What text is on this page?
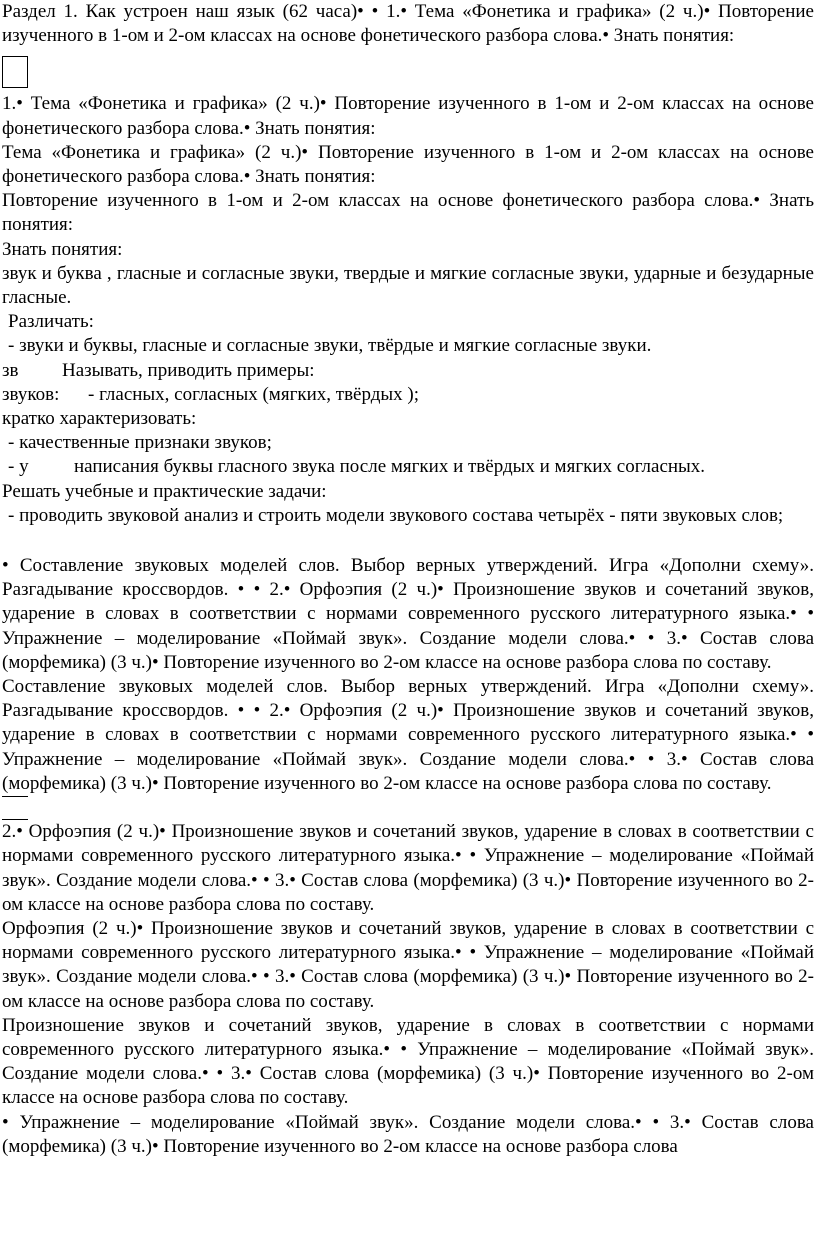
Раздел 1. Как устроен наш язык (62 часа)• • 1.• Тема «Фонетика и графика» (2 ч.)• Повторение изученного в 1-ом и 2-ом классах на основе фонетического разбора слова.• Знать понятия:

1.• Тема «Фонетика и графика» (2 ч.)• Повторение изученного в 1-ом и 2-ом классах на основе фонетического разбора слова.• Знать понятия:

Тема «Фонетика и графика» (2 ч.)• Повторение изученного в 1-ом и 2-ом классах на основе фонетического разбора слова.• Знать понятия:

Повторение изученного в 1-ом и 2-ом классах на основе фонетического разбора слова.• Знать понятия:

Знать понятия:

звук и буква , гласные и согласные звуки, твердые и мягкие согласные звуки, ударные и безударные гласные.

Различать:

- звуки и буквы, гласные и согласные звуки, твёрдые и мягкие согласные звуки.

зв Называть, приводить примеры:

звуков: - гласных, согласных (мягких, твёрдых );

кратко характеризовать:

- качественные признаки звуков;

- у написания буквы гласного звука после мягких и твёрдых и мягких согласных.

Решать учебные и практические задачи:

- проводить звуковой анализ и строить модели звукового состава четырёх - пяти звуковых слов;

• Составление звуковых моделей слов. Выбор верных утверждений. Игра «Дополни схему». Разгадывание кроссвордов. • • 2.• Орфоэпия (2 ч.)• Произношение звуков и сочетаний звуков, ударение в словах в соответствии с нормами современного русского литературного языка.• • Упражнение – моделирование «Поймай звук». Создание модели слова.• • 3.• Состав слова (морфемика) (3 ч.)• Повторение изученного во 2-ом классе на основе разбора слова по составу.

Составление звуковых моделей слов. Выбор верных утверждений. Игра «Дополни схему». Разгадывание кроссвордов. • • 2.• Орфоэпия (2 ч.)• Произношение звуков и сочетаний звуков, ударение в словах в соответствии с нормами современного русского литературного языка.• • Упражнение – моделирование «Поймай звук». Создание модели слова.• • 3.• Состав слова (морфемика) (3 ч.)• Повторение изученного во 2-ом классе на основе разбора слова по составу.

2.• Орфоэпия (2 ч.)• Произношение звуков и сочетаний звуков, ударение в словах в соответствии с нормами современного русского литературного языка.• • Упражнение – моделирование «Поймай звук». Создание модели слова.• • 3.• Состав слова (морфемика) (3 ч.)• Повторение изученного во 2-ом классе на основе разбора слова по составу.

Орфоэпия (2 ч.)• Произношение звуков и сочетаний звуков, ударение в словах в соответствии с нормами современного русского литературного языка.• • Упражнение – моделирование «Поймай звук». Создание модели слова.• • 3.• Состав слова (морфемика) (3 ч.)• Повторение изученного во 2-ом классе на основе разбора слова по составу.

Произношение звуков и сочетаний звуков, ударение в словах в соответствии с нормами современного русского литературного языка.• • Упражнение – моделирование «Поймай звук». Создание модели слова.• • 3.• Состав слова (морфемика) (3 ч.)• Повторение изученного во 2-ом классе на основе разбора слова по составу.

• Упражнение – моделирование «Поймай звук». Создание модели слова.• • 3.• Состав слова (морфемика) (3 ч.)• Повторение изученного во 2-ом классе на основе разбора слова
